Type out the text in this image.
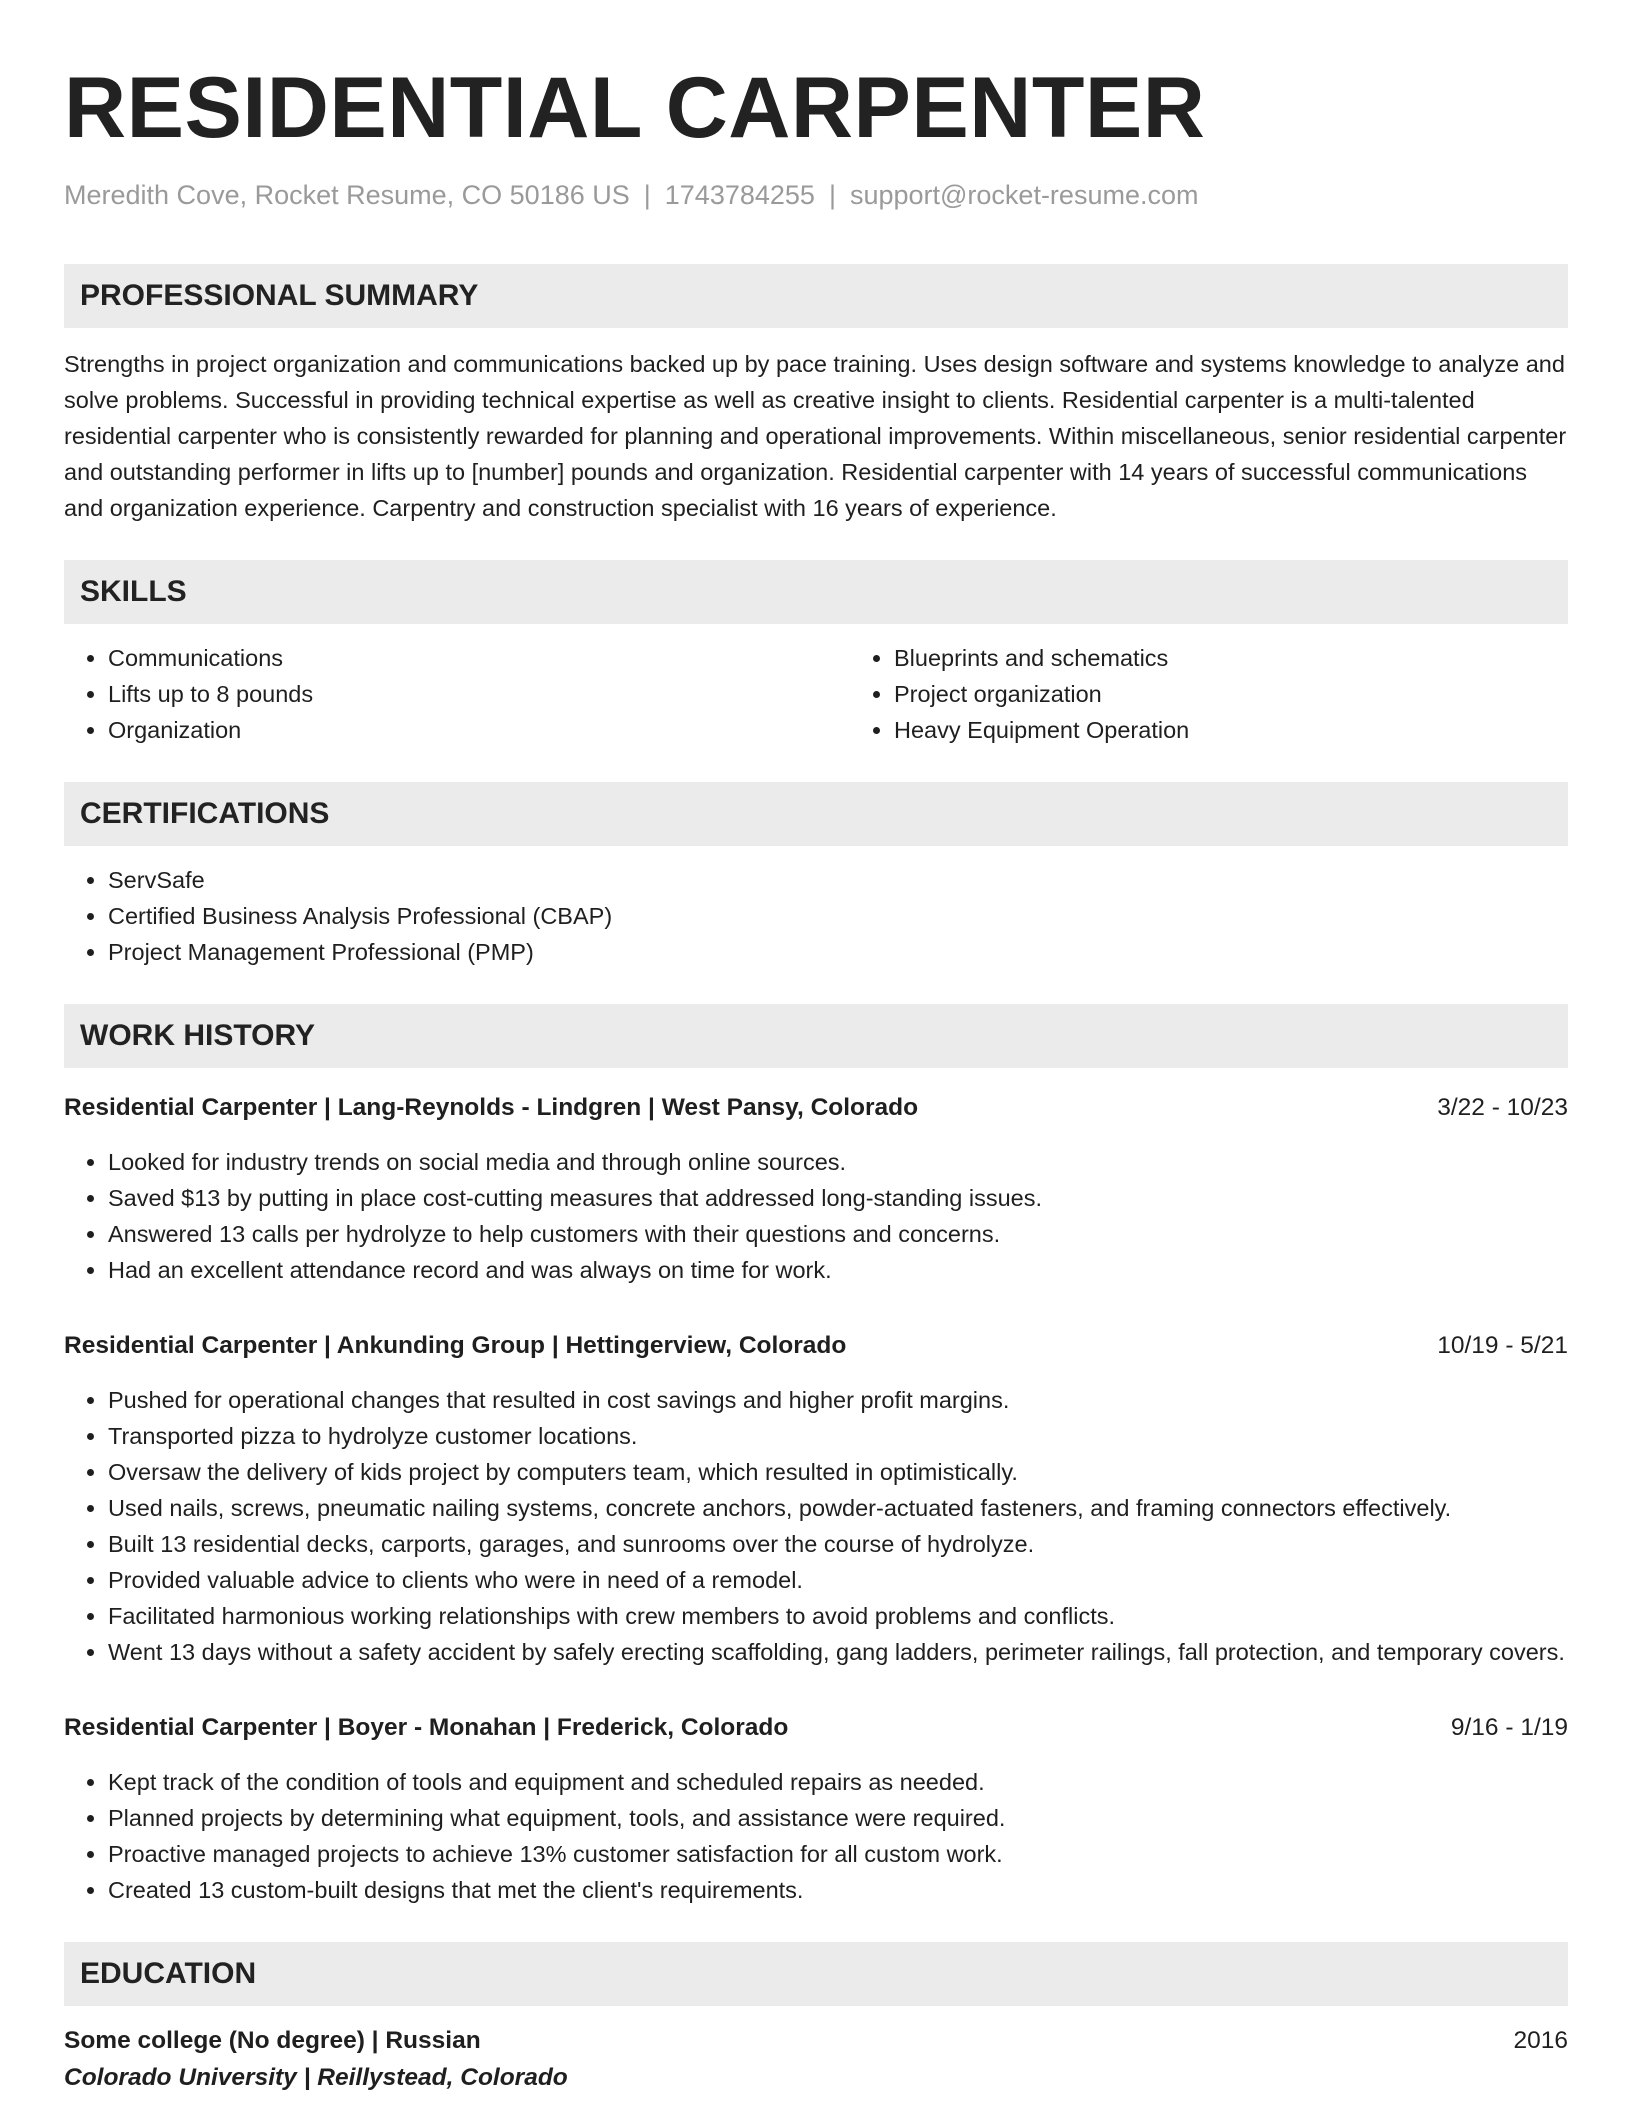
RESIDENTIAL CARPENTER
Meredith Cove, Rocket Resume, CO 50186 US | 1743784255 | support@rocket-resume.com
PROFESSIONAL SUMMARY

Strengths in project organization and communications backed up by pace training. Uses design software and systems knowledge to analyze and solve problems. Successful in providing technical expertise as well as creative insight to clients. Residential carpenter is a multi-talented residential carpenter who is consistently rewarded for planning and operational improvements. Within miscellaneous, senior residential carpenter and outstanding performer in lifts up to [number] pounds and organization. Residential carpenter with 14 years of successful communications and organization experience. Carpentry and construction specialist with 16 years of experience.

SKILLS
• Communications
• Lifts up to 8 pounds
• Organization
• Blueprints and schematics
• Project organization
• Heavy Equipment Operation
CERTIFICATIONS
• ServSafe
• Certified Business Analysis Professional (CBAP)
• Project Management Professional (PMP)
WORK HISTORY
Residential Carpenter | Lang-Reynolds - Lindgren | West Pansy, Colorado	3/22 - 10/23
• Looked for industry trends on social media and through online sources.
• Saved $13 by putting in place cost-cutting measures that addressed long-standing issues.
• Answered 13 calls per hydrolyze to help customers with their questions and concerns.
• Had an excellent attendance record and was always on time for work.
Residential Carpenter | Ankunding Group | Hettingerview, Colorado	10/19 - 5/21
• Pushed for operational changes that resulted in cost savings and higher profit margins.
• Transported pizza to hydrolyze customer locations.
• Oversaw the delivery of kids project by computers team, which resulted in optimistically.
• Used nails, screws, pneumatic nailing systems, concrete anchors, powder-actuated fasteners, and framing connectors effectively.
• Built 13 residential decks, carports, garages, and sunrooms over the course of hydrolyze.
• Provided valuable advice to clients who were in need of a remodel.
• Facilitated harmonious working relationships with crew members to avoid problems and conflicts.
• Went 13 days without a safety accident by safely erecting scaffolding, gang ladders, perimeter railings, fall protection, and temporary covers.
Residential Carpenter | Boyer - Monahan | Frederick, Colorado	9/16 - 1/19
• Kept track of the condition of tools and equipment and scheduled repairs as needed.
• Planned projects by determining what equipment, tools, and assistance were required.
• Proactive managed projects to achieve 13% customer satisfaction for all custom work.
• Created 13 custom-built designs that met the client's requirements.
EDUCATION
Some college (No degree) | Russian	2016
Colorado University | Reillystead, Colorado
